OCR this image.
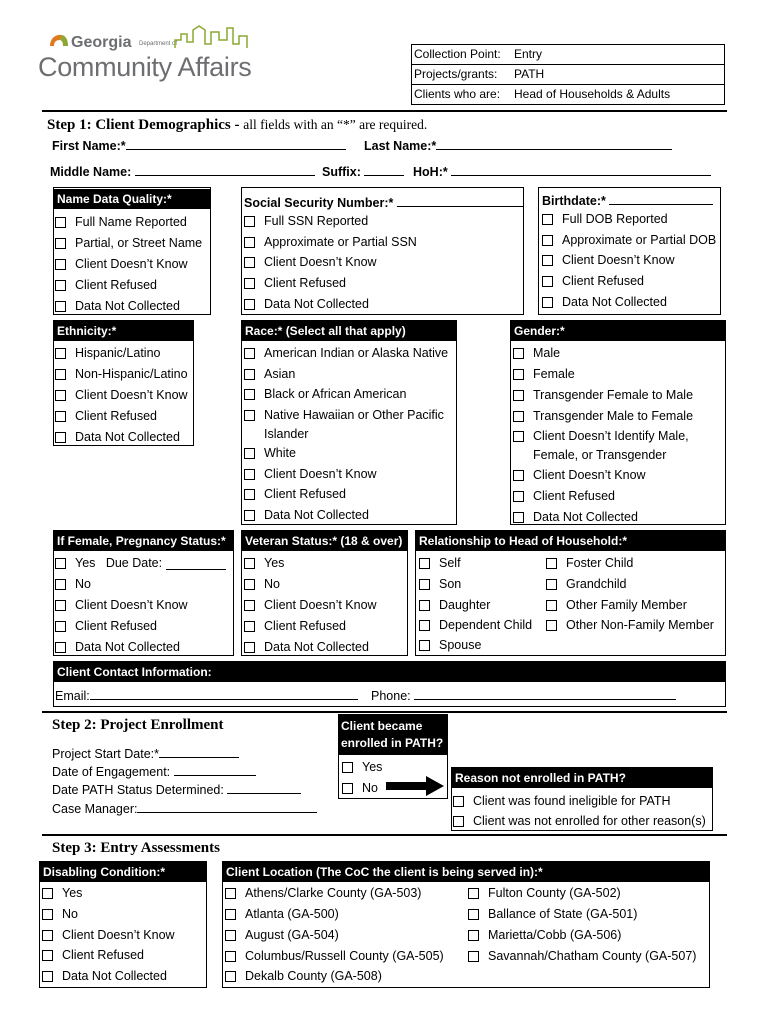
Georgia Department of
Community Affairs	Collection Point:	Entry
Projects/grants:	PATH
Clients who are:	Head of Households & Adults
Step 1: Client Demographics - all fields with an “*” are required.
First Name:*	Last Name:*
Middle Name:	Suffix:	HoH:*
Name Data Quality:*
Full Name Reported
Partial, or Street Name
Client Doesn’t Know
Client Refused
Data Not Collected
Social Security Number:*
Full SSN Reported
Approximate or Partial SSN
Client Doesn’t Know
Client Refused
Data Not Collected
Birthdate:*
Full DOB Reported
Approximate or Partial DOB
Client Doesn’t Know
Client Refused
Data Not Collected
Ethnicity:*
Hispanic/Latino
Non-Hispanic/Latino
Client Doesn’t Know
Client Refused
Data Not Collected
Race:* (Select all that apply)
American Indian or Alaska Native
Asian
Black or African American
Native Hawaiian or Other Pacific
Islander
White
Client Doesn’t Know
Client Refused
Data Not Collected
Gender:*
Male
Female
Transgender Female to Male
Transgender Male to Female
Client Doesn’t Identify Male,
Female, or Transgender
Client Doesn’t Know
Client Refused
Data Not Collected
If Female, Pregnancy Status:*
Yes
Due Date:

No
Client Doesn’t Know
Client Refused
Data Not Collected
Veteran Status:* (18 & over)
Yes
No
Client Doesn’t Know
Client Refused
Data Not Collected
Relationship to Head of Household:*
Self
Son
Daughter
Dependent Child
Spouse
Foster Child
Grandchild
Other Family Member
Other Non-Family Member
Client Contact Information:
Email:	Phone:
Step 2: Project Enrollment
Project Start Date:*
Date of Engagement:
Date PATH Status Determined:
Case Manager:
Client became
enrolled in PATH?
Yes
No
Reason not enrolled in PATH?
Client was found ineligible for PATH
Client was not enrolled for other reason(s)
Step 3: Entry Assessments
Disabling Condition:*
Yes
No
Client Doesn’t Know
Client Refused
Data Not Collected
Client Location (The CoC the client is being served in):*
Athens/Clarke County (GA-503)
Atlanta (GA-500)
August (GA-504)
Columbus/Russell County (GA-505)
Dekalb County (GA-508)
Fulton County (GA-502)
Ballance of State (GA-501)
Marietta/Cobb (GA-506)
Savannah/Chatham County (GA-507)
